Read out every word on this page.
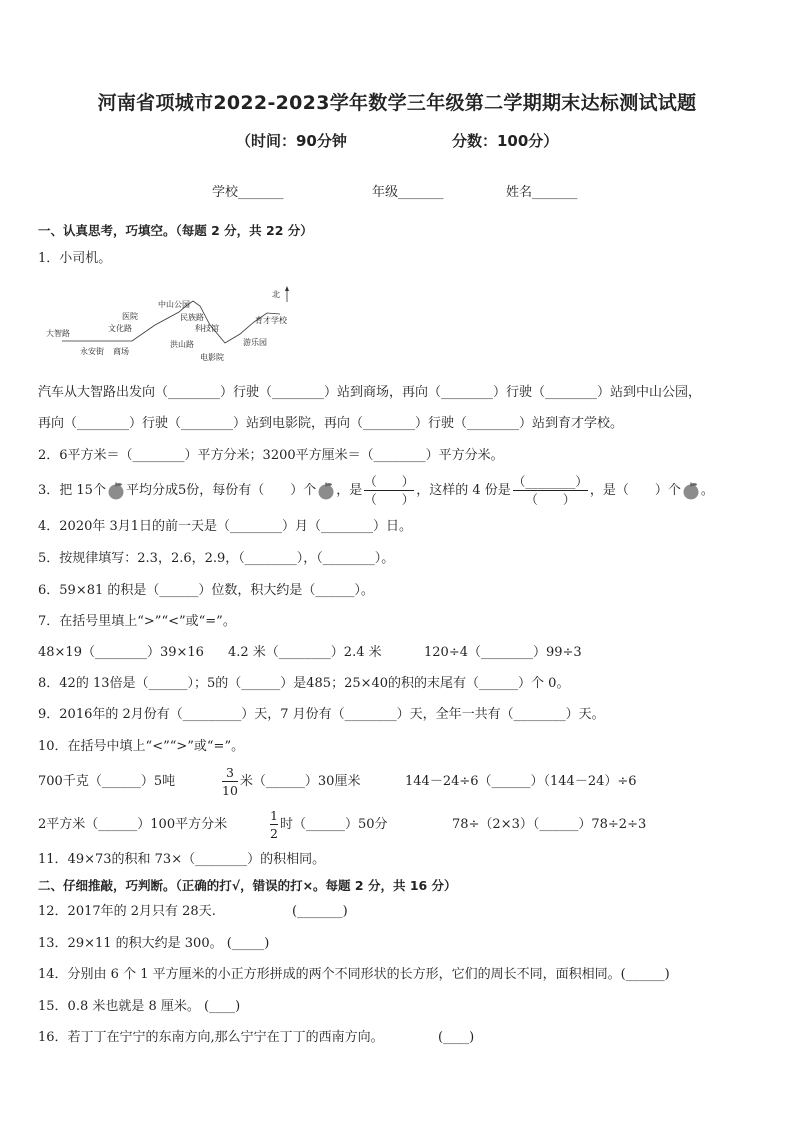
河南省项城市2022-2023学年数学三年级第二学期期末达标测试试题
（时间：90分钟	分数：100分）
学校_______	年级_______	姓名_______
一、认真思考，巧填空。（每题 2 分，共 22 分）
1．小司机。
北
大智路
永安街 商场
文化路
医院
中山公园
民族路
科技馆
洪山路
电影院
游乐园
育才学校
汽车从大智路出发向（________）行驶（________）站到商场，再向（________）行驶（________）站到中山公园，
再向（________）行驶（________）站到电影院，再向（________）行驶（________）站到育才学校。
2．6平方米＝（________）平方分米；3200平方厘米＝（________）平方分米。
3．把 15个 平均分成5份，每份有（　　）个 ，是 $\frac{( )}{( )}$ ，这样的 4 份是 $\frac{(\_\_\_\_\_\_\_\_)}{( )}$ ，是（　　）个 。
4．2020年 3月1日的前一天是（________）月（________）日。
5．按规律填写：2.3，2.6，2.9，（________），（________）。
6．59×81 的积是（______）位数，积大约是（______）。
7．在括号里填上“>”“<”或“=”。
48×19（________）39×16 4.2 米（________）2.4 米	120÷4（________）99÷3
8．42的 13倍是（______）；5的（______）是485；25×40的积的末尾有（______）个 0。
9．2016年的 2月份有（_________）天，7 月份有（________）天，全年一共有（________）天。
10．在括号中填上“<”“>”或“=”。
700千克（______）5吨	$\frac{3}{10}$ 米（______）30厘米	144－24÷6（______）（144－24）÷6
2平方米（______）100平方分米	$\frac{1}{2}$ 时（______）50分	78÷（2×3）（______）78÷2÷3
11．49×73的积和 73×（________）的积相同。
二、仔细推敲，巧判断。（正确的打√，错误的打×。每题 2 分，共 16 分）
12．2017年的 2月只有 28天.	(_______)
13．29×11 的积大约是 300。 (_____)
14．分别由 6 个 1 平方厘米的小正方形拼成的两个不同形状的长方形，它们的周长不同，面积相同。(______)
15．0.8 米也就是 8 厘米。 (____)
16．若丁丁在宁宁的东南方向,那么宁宁在丁丁的西南方向。	(____)
